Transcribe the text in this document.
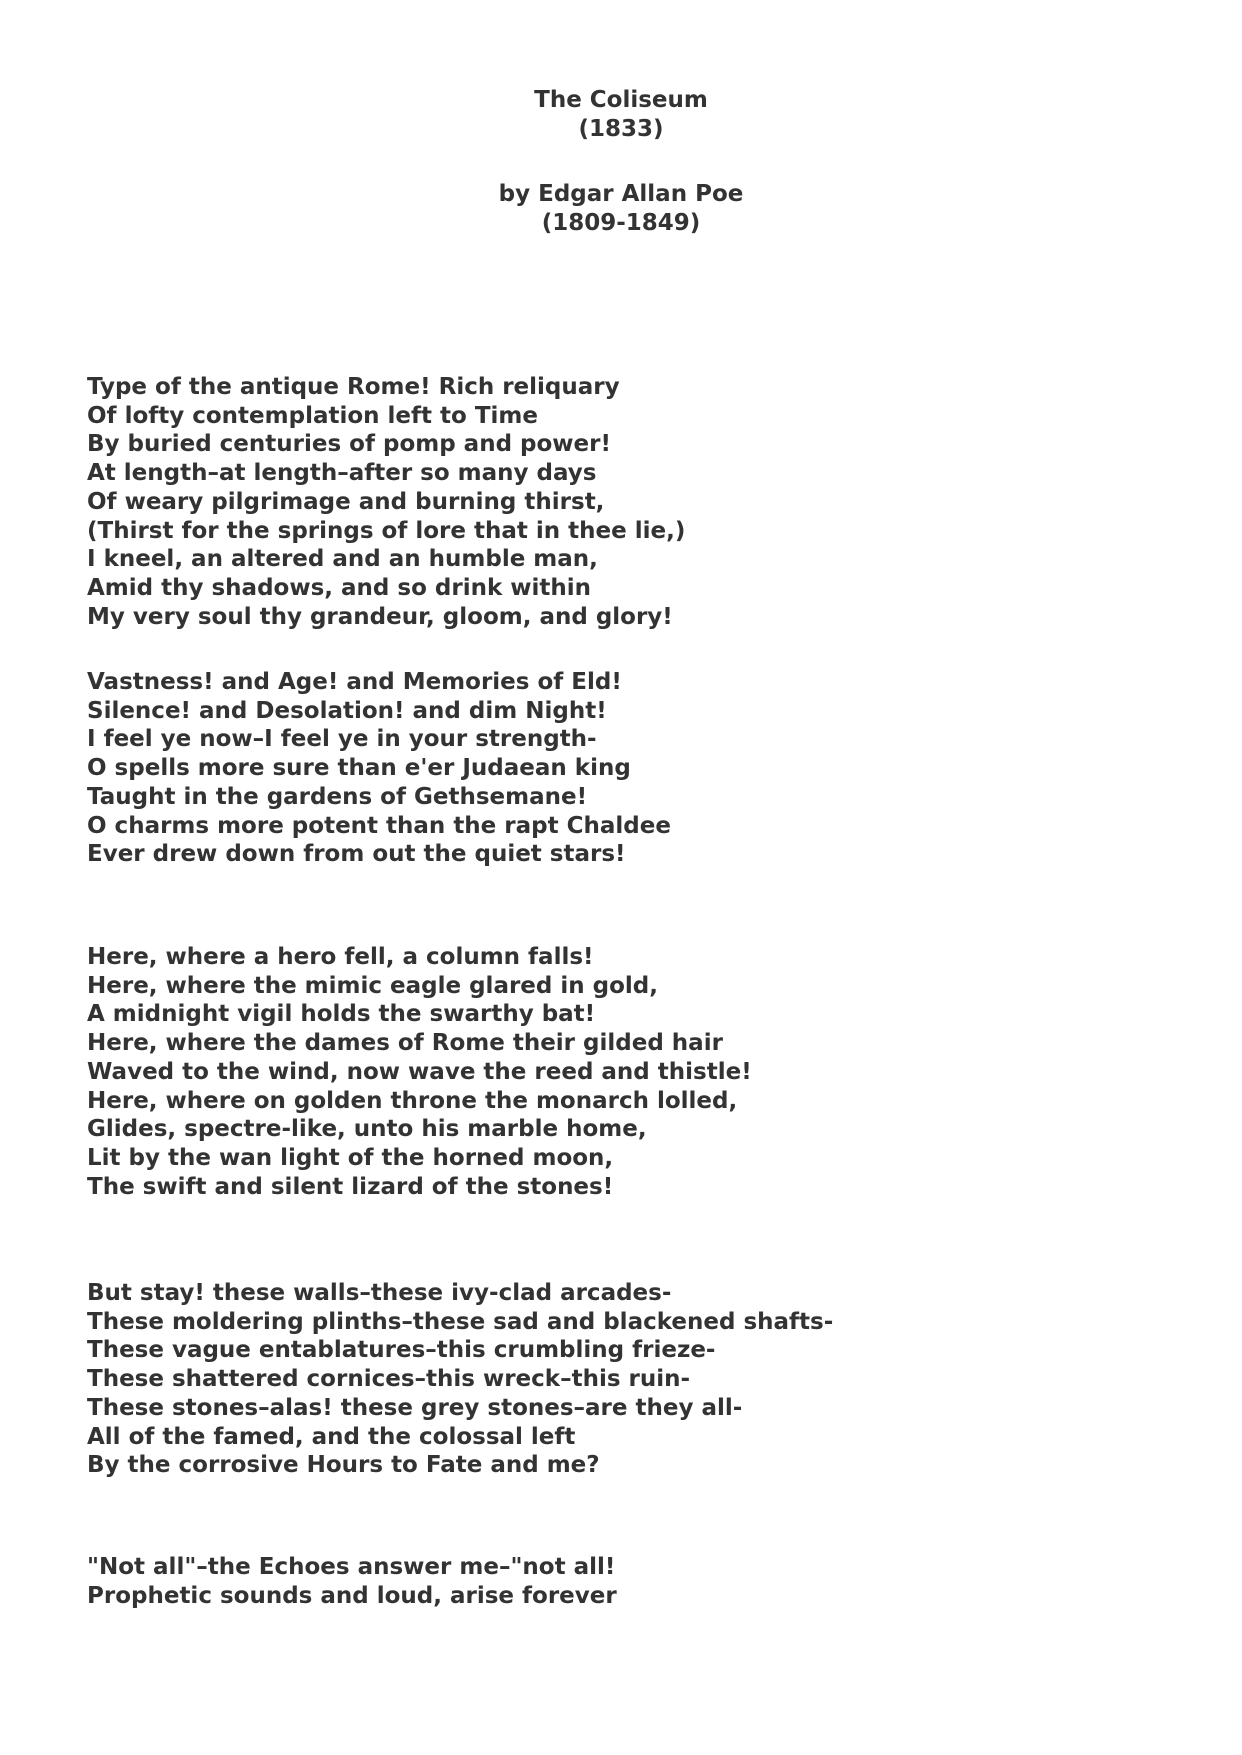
The Coliseum
(1833)
by Edgar Allan Poe
(1809-1849)
Type of the antique Rome! Rich reliquary
Of lofty contemplation left to Time
By buried centuries of pomp and power!
At length–at length–after so many days
Of weary pilgrimage and burning thirst,
(Thirst for the springs of lore that in thee lie,)
I kneel, an altered and an humble man,
Amid thy shadows, and so drink within
My very soul thy grandeur, gloom, and glory!
Vastness! and Age! and Memories of Eld!
Silence! and Desolation! and dim Night!
I feel ye now–I feel ye in your strength-
O spells more sure than e'er Judaean king
Taught in the gardens of Gethsemane!
O charms more potent than the rapt Chaldee
Ever drew down from out the quiet stars!
Here, where a hero fell, a column falls!
Here, where the mimic eagle glared in gold,
A midnight vigil holds the swarthy bat!
Here, where the dames of Rome their gilded hair
Waved to the wind, now wave the reed and thistle!
Here, where on golden throne the monarch lolled,
Glides, spectre-like, unto his marble home,
Lit by the wan light of the horned moon,
The swift and silent lizard of the stones!
But stay! these walls–these ivy-clad arcades-
These moldering plinths–these sad and blackened shafts-
These vague entablatures–this crumbling frieze-
These shattered cornices–this wreck–this ruin-
These stones–alas! these grey stones–are they all-
All of the famed, and the colossal left
By the corrosive Hours to Fate and me?
"Not all"–the Echoes answer me–"not all!
Prophetic sounds and loud, arise forever
